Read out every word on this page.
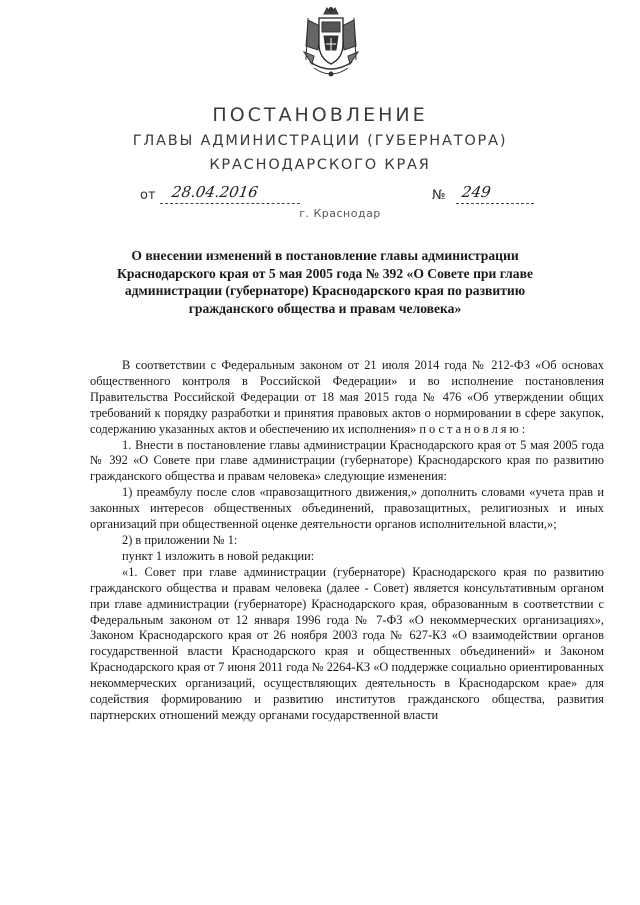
ПОСТАНОВЛЕНИЕ
ГЛАВЫ АДМИНИСТРАЦИИ (ГУБЕРНАТОРА)
КРАСНОДАРСКОГО КРАЯ
от 28.04.2016	№ 249
г. Краснодар
О внесении изменений в постановление главы администрации Краснодарского края от 5 мая 2005 года № 392 «О Совете при главе администрации (губернаторе) Краснодарского края по развитию гражданского общества и правам человека»

В соответствии с Федеральным законом от 21 июля 2014 года № 212-ФЗ «Об основах общественного контроля в Российской Федерации» и во исполнение постановления Правительства Российской Федерации от 18 мая 2015 года № 476 «Об утверждении общих требований к порядку разработки и принятия правовых актов о нормировании в сфере закупок, содержанию указанных актов и обеспечению их исполнения» постановляю:

1. Внести в постановление главы администрации Краснодарского края от 5 мая 2005 года № 392 «О Совете при главе администрации (губернаторе) Краснодарского края по развитию гражданского общества и правам человека» следующие изменения:

1) преамбулу после слов «правозащитного движения,» дополнить словами «учета прав и законных интересов общественных объединений, правозащитных, религиозных и иных организаций при общественной оценке деятельности органов исполнительной власти,»;

2) в приложении № 1:

пункт 1 изложить в новой редакции:

«1. Совет при главе администрации (губернаторе) Краснодарского края по развитию гражданского общества и правам человека (далее - Совет) является консультативным органом при главе администрации (губернаторе) Краснодарского края, образованным в соответствии с Федеральным законом от 12 января 1996 года № 7-ФЗ «О некоммерческих организациях», Законом Краснодарского края от 26 ноября 2003 года № 627-КЗ «О взаимодействии органов государственной власти Краснодарского края и общественных объединений» и Законом Краснодарского края от 7 июня 2011 года № 2264-КЗ «О поддержке социально ориентированных некоммерческих организаций, осуществляющих деятельность в Краснодарском крае» для содействия формированию и развитию институтов гражданского общества, развития партнерских отношений между органами государственной власти
